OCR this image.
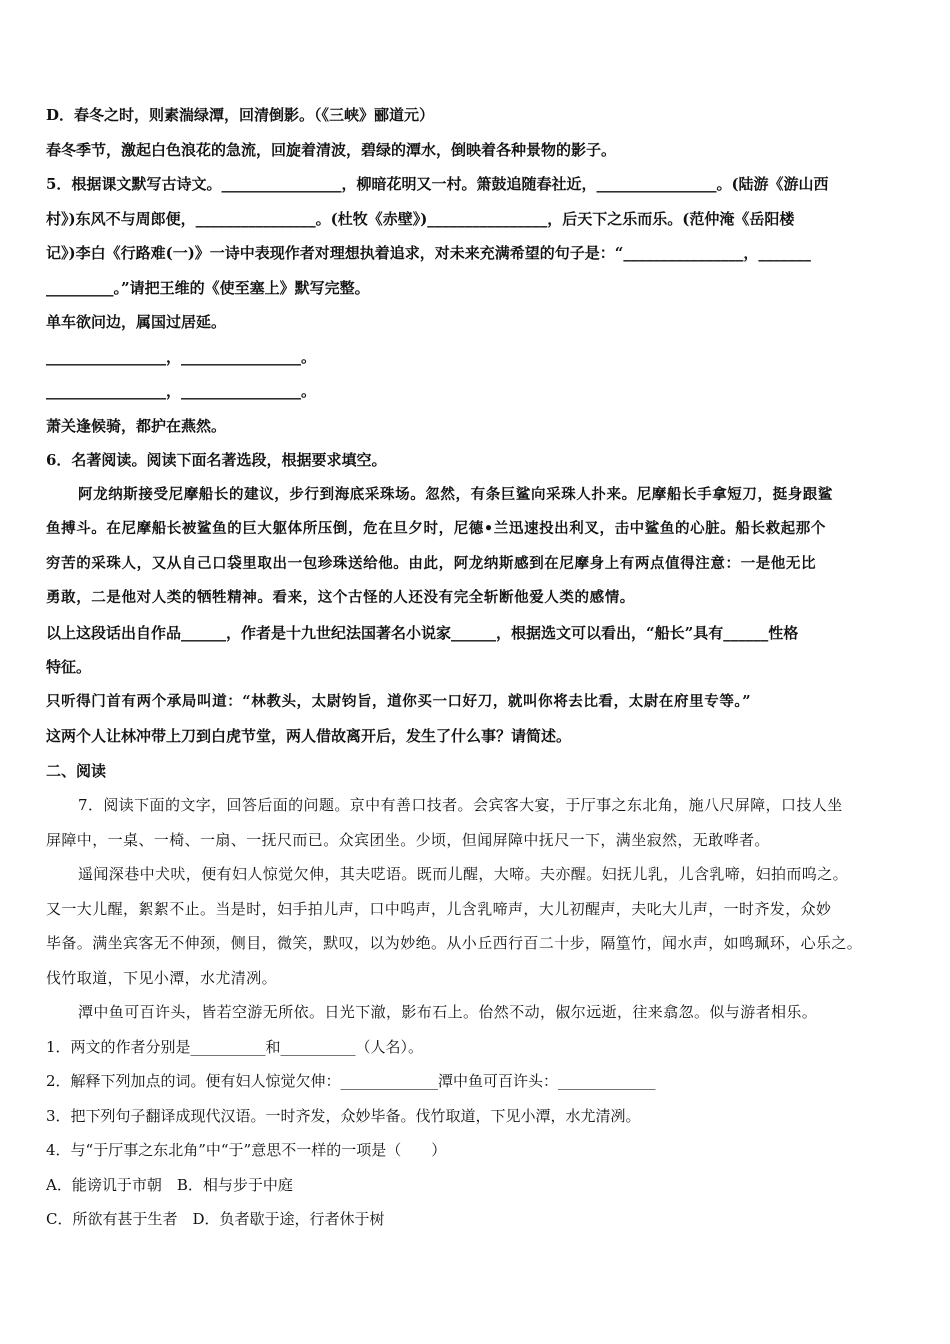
D．春冬之时，则素湍绿潭，回清倒影。（《三峡》郦道元）
春冬季节，激起白色浪花的急流，回旋着清波，碧绿的潭水，倒映着各种景物的影子。
5．根据课文默写古诗文。________________，柳暗花明又一村。箫鼓追随春社近，________________。(陆游《游山西
村》)东风不与周郎便，________________。(杜牧《赤壁》)________________，后天下之乐而乐。(范仲淹《岳阳楼
记》)李白《行路难(一)》一诗中表现作者对理想执着追求，对未来充满希望的句子是：“________________，_______
_________。”请把王维的《使至塞上》默写完整。
单车欲问边，属国过居延。
________________，________________。
________________，________________。
萧关逢候骑，都护在燕然。
6．名著阅读。阅读下面名著选段，根据要求填空。
阿龙纳斯接受尼摩船长的建议，步行到海底采珠场。忽然，有条巨鲨向采珠人扑来。尼摩船长手拿短刀，挺身跟鲨
鱼搏斗。在尼摩船长被鲨鱼的巨大躯体所压倒，危在旦夕时，尼德•兰迅速投出利叉，击中鲨鱼的心脏。船长救起那个
穷苦的采珠人，又从自己口袋里取出一包珍珠送给他。由此，阿龙纳斯感到在尼摩身上有两点值得注意：一是他无比
勇敢，二是他对人类的牺牲精神。看来，这个古怪的人还没有完全斩断他爱人类的感情。
以上这段话出自作品______，作者是十九世纪法国著名小说家______，根据选文可以看出，“船长”具有______性格
特征。
只听得门首有两个承局叫道：“林教头，太尉钧旨，道你买一口好刀，就叫你将去比看，太尉在府里专等。”
这两个人让林冲带上刀到白虎节堂，两人借故离开后，发生了什么事？请简述。
二、阅读
7．阅读下面的文字，回答后面的问题。京中有善口技者。会宾客大宴，于厅事之东北角，施八尺屏障，口技人坐
屏障中，一桌、一椅、一扇、一抚尺而已。众宾团坐。少顷，但闻屏障中抚尺一下，满坐寂然，无敢哗者。
遥闻深巷中犬吠，便有妇人惊觉欠伸，其夫呓语。既而儿醒，大啼。夫亦醒。妇抚儿乳，儿含乳啼，妇拍而呜之。
又一大儿醒，絮絮不止。当是时，妇手拍儿声，口中呜声，儿含乳啼声，大儿初醒声，夫叱大儿声，一时齐发，众妙
毕备。满坐宾客无不伸颈，侧目，微笑，默叹，以为妙绝。从小丘西行百二十步，隔篁竹，闻水声，如鸣珮环，心乐之。
伐竹取道，下见小潭，水尤清冽。
潭中鱼可百许头，皆若空游无所依。日光下澈，影布石上。佁然不动，俶尔远逝，往来翕忽。似与游者相乐。
1．两文的作者分别是__________和__________（人名）。
2．解释下列加点的词。便有妇人惊觉欠伸：_____________潭中鱼可百许头：_____________
3．把下列句子翻译成现代汉语。一时齐发，众妙毕备。伐竹取道，下见小潭，水尤清冽。
4．与“于厅事之东北角”中“于”意思不一样的一项是（　　）
A．能谤讥于市朝　B．相与步于中庭
C．所欲有甚于生者　D．负者歇于途，行者休于树
